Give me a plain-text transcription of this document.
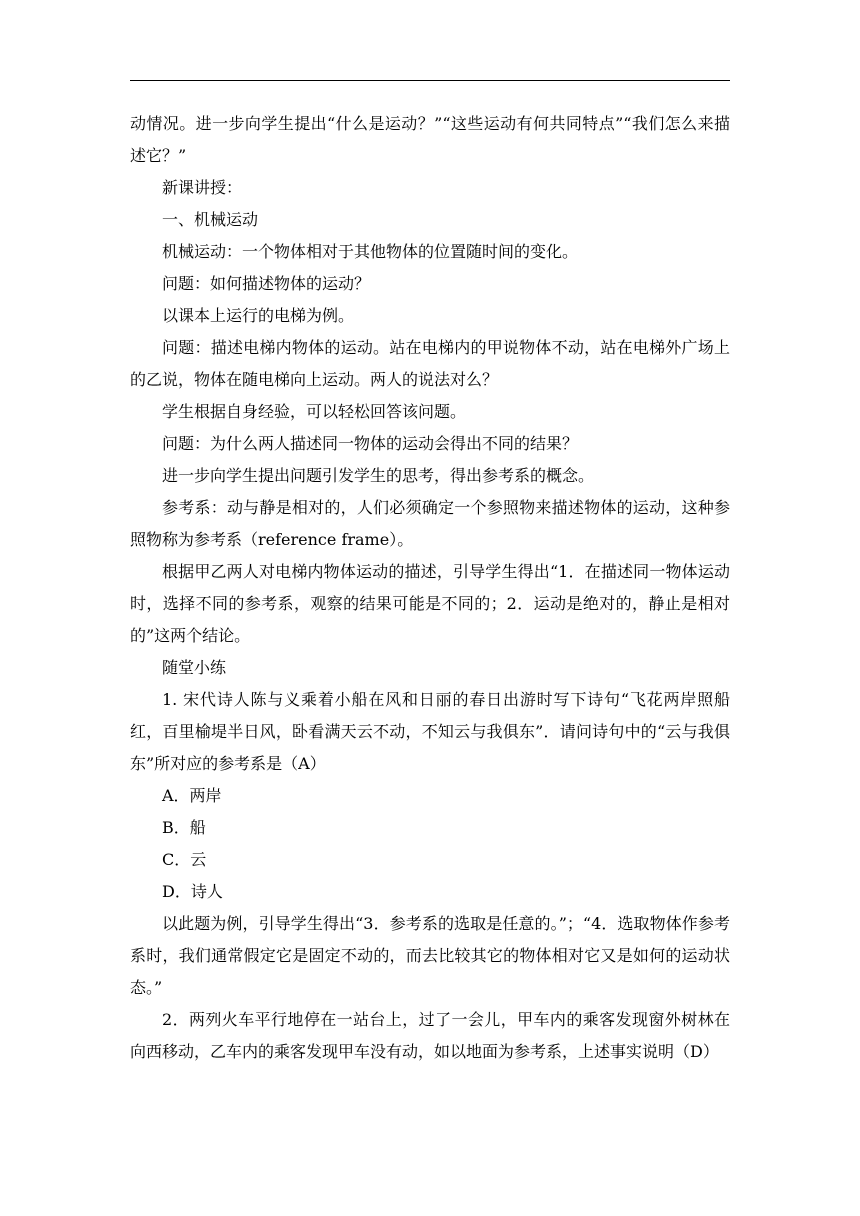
动情况。进一步向学生提出“什么是运动？”“这些运动有何共同特点”“我们怎么来描述它？”

新课讲授：

一、机械运动

机械运动：一个物体相对于其他物体的位置随时间的变化。

问题：如何描述物体的运动？

以课本上运行的电梯为例。

问题：描述电梯内物体的运动。站在电梯内的甲说物体不动，站在电梯外广场上的乙说，物体在随电梯向上运动。两人的说法对么？

学生根据自身经验，可以轻松回答该问题。

问题：为什么两人描述同一物体的运动会得出不同的结果？

进一步向学生提出问题引发学生的思考，得出参考系的概念。

参考系：动与静是相对的，人们必须确定一个参照物来描述物体的运动，这种参照物称为参考系（reference frame）。

根据甲乙两人对电梯内物体运动的描述，引导学生得出“1．在描述同一物体运动时，选择不同的参考系，观察的结果可能是不同的；2．运动是绝对的，静止是相对的”这两个结论。

随堂小练

1. 宋代诗人陈与义乘着小船在风和日丽的春日出游时写下诗句“飞花两岸照船红，百里榆堤半日风，卧看满天云不动，不知云与我俱东”．请问诗句中的“云与我俱东”所对应的参考系是（A）

A．两岸

B．船

C．云

D．诗人

以此题为例，引导学生得出“3．参考系的选取是任意的。”；“4．选取物体作参考系时，我们通常假定它是固定不动的，而去比较其它的物体相对它又是如何的运动状态。”

2．两列火车平行地停在一站台上，过了一会儿，甲车内的乘客发现窗外树林在向西移动，乙车内的乘客发现甲车没有动，如以地面为参考系，上述事实说明（D）
